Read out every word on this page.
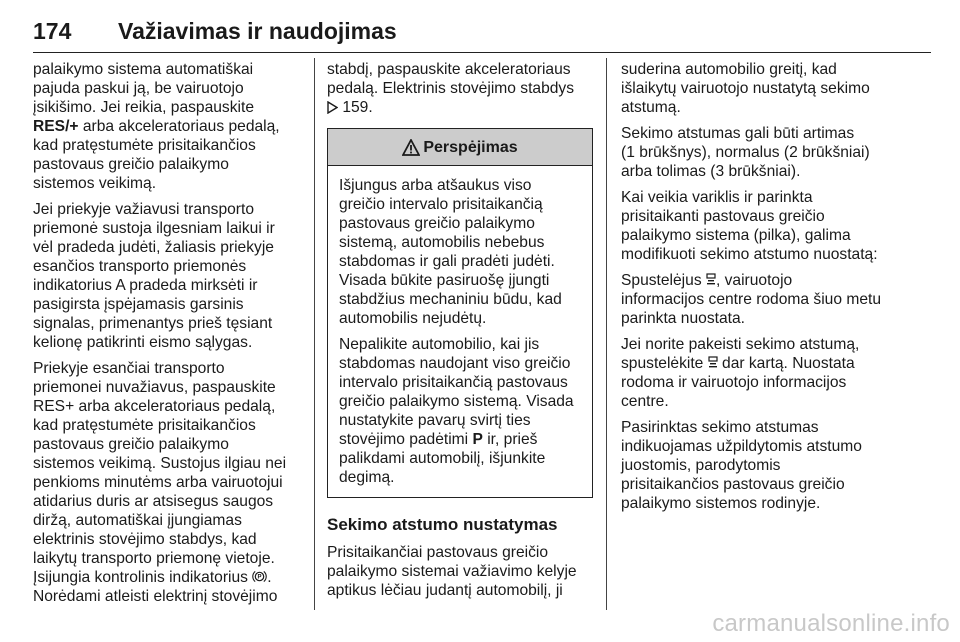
174 Važiavimas ir naudojimas

palaikymo sistema automatiškai
pajuda paskui ją, be vairuotojo
įsikišimo. Jei reikia, paspauskite
RES/+ arba akceleratoriaus pedalą,
kad pratęstumėte prisitaikančios
pastovaus greičio palaikymo
sistemos veikimą.

Jei priekyje važiavusi transporto
priemonė sustoja ilgesniam laikui ir
vėl pradeda judėti, žaliasis priekyje
esančios transporto priemonės
indikatorius A pradeda mirksėti ir
pasigirsta įspėjamasis garsinis
signalas, primenantys prieš tęsiant
kelionę patikrinti eismo sąlygas.

Priekyje esančiai transporto
priemonei nuvažiavus, paspauskite
RES+ arba akceleratoriaus pedalą,
kad pratęstumėte prisitaikančios
pastovaus greičio palaikymo
sistemos veikimą. Sustojus ilgiau nei
penkioms minutėms arba vairuotojui
atidarius duris ar atsisegus saugos
diržą, automatiškai įjungiamas
elektrinis stovėjimo stabdys, kad
laikytų transporto priemonę vietoje.
Įsijungia kontrolinis indikatorius P .
Norėdami atleisti elektrinį stovėjimo

stabdį, paspauskite akceleratoriaus
pedalą. Elektrinis stovėjimo stabdys
159.

Perspėjimas

Išjungus arba atšaukus viso
greičio intervalo prisitaikančią
pastovaus greičio palaikymo
sistemą, automobilis nebebus
stabdomas ir gali pradėti judėti.
Visada būkite pasiruošę įjungti
stabdžius mechaniniu būdu, kad
automobilis nejudėtų.

Nepalikite automobilio, kai jis
stabdomas naudojant viso greičio
intervalo prisitaikančią pastovaus
greičio palaikymo sistemą. Visada
nustatykite pavarų svirtį ties
stovėjimo padėtimi P ir, prieš
palikdami automobilį, išjunkite
degimą.

Sekimo atstumo nustatymas

Prisitaikančiai pastovaus greičio
palaikymo sistemai važiavimo kelyje
aptikus lėčiau judantį automobilį, ji

suderina automobilio greitį, kad
išlaikytų vairuotojo nustatytą sekimo
atstumą.

Sekimo atstumas gali būti artimas
(1 brūkšnys), normalus (2 brūkšniai)
arba tolimas (3 brūkšniai).

Kai veikia variklis ir parinkta
prisitaikanti pastovaus greičio
palaikymo sistema (pilka), galima
modifikuoti sekimo atstumo nuostatą:

Spustelėjus , vairuotojo
informacijos centre rodoma šiuo metu
parinkta nuostata.

Jei norite pakeisti sekimo atstumą,
spustelėkite  dar kartą. Nuostata
rodoma ir vairuotojo informacijos
centre.

Pasirinktas sekimo atstumas
indikuojamas užpildytomis atstumo
juostomis, parodytomis
prisitaikančios pastovaus greičio
palaikymo sistemos rodinyje.

carmanualsonline.info
